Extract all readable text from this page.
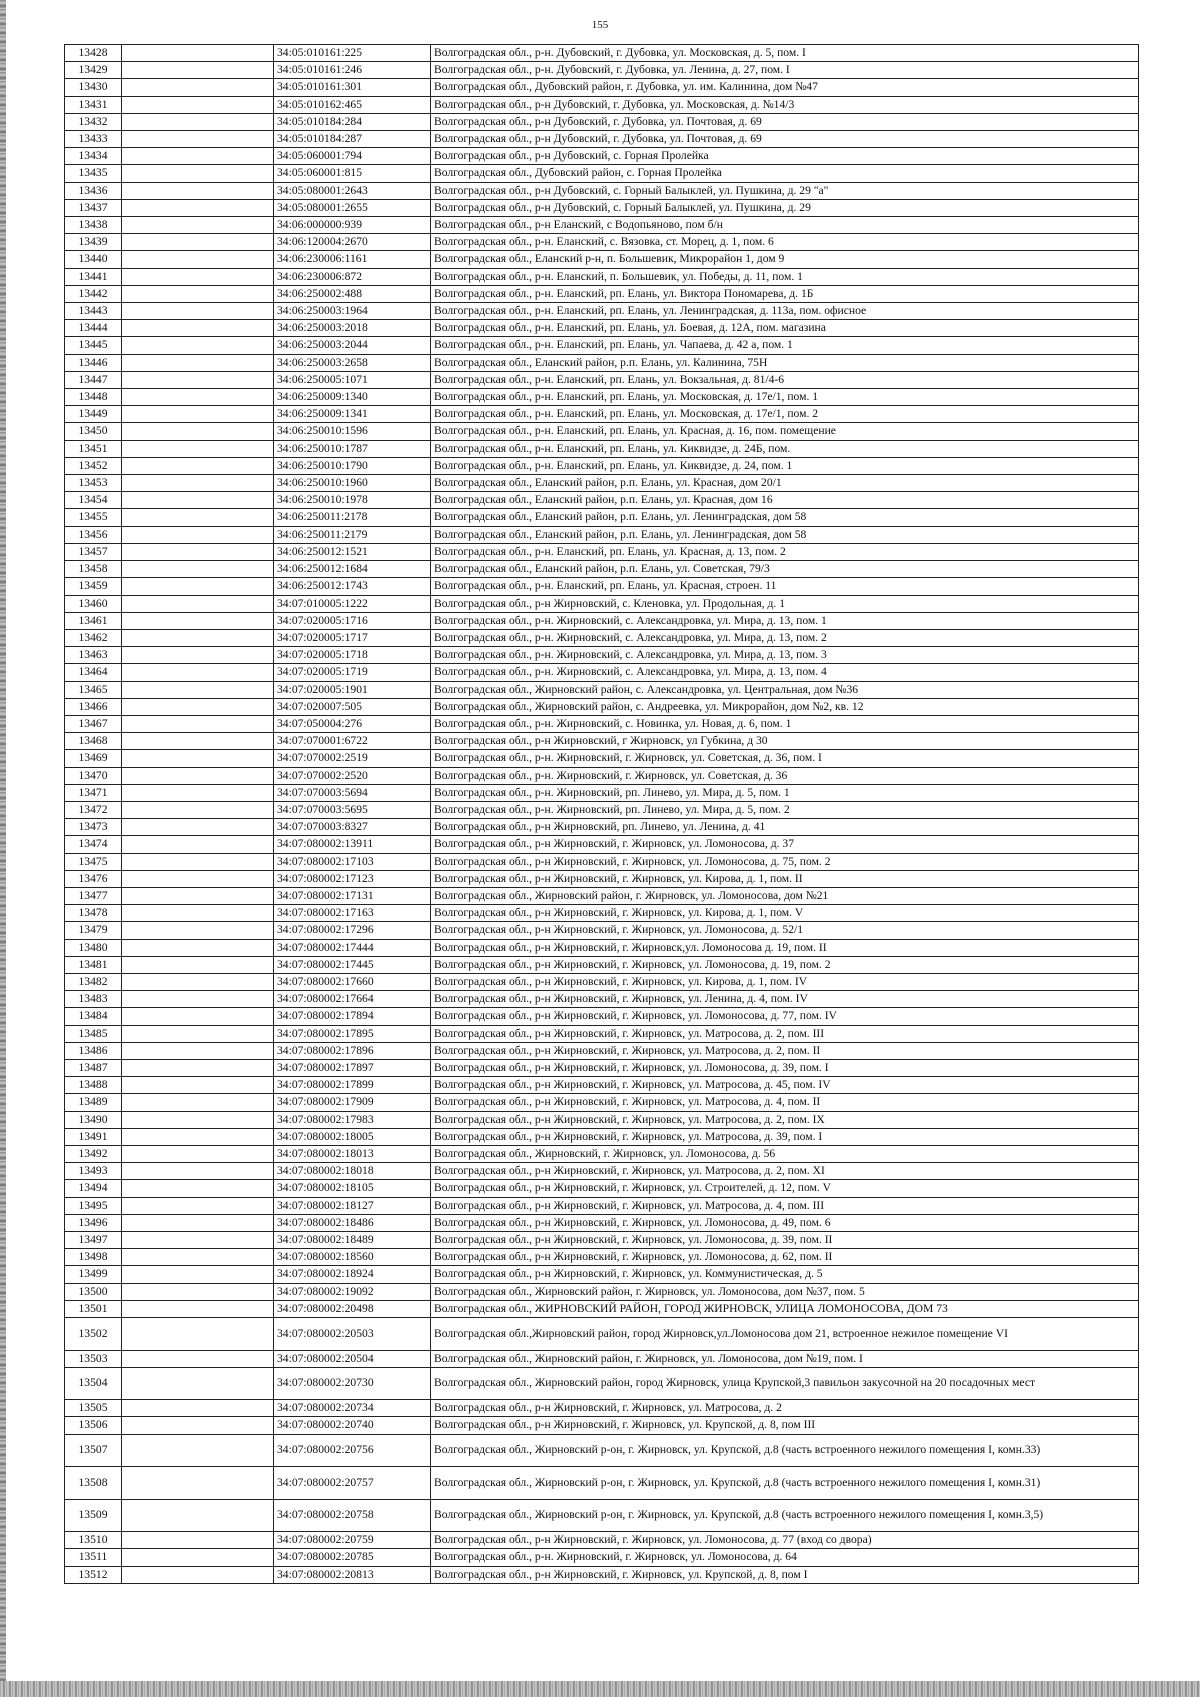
155
13428		34:05:010161:225	Волгоградская обл., р-н. Дубовский, г. Дубовка, ул. Московская, д. 5, пом. I
13429		34:05:010161:246	Волгоградская обл., р-н. Дубовский, г. Дубовка, ул. Ленина, д. 27, пом. I
13430		34:05:010161:301	Волгоградская обл., Дубовский район, г. Дубовка, ул. им. Калинина, дом №47
13431		34:05:010162:465	Волгоградская обл., р-н Дубовский, г. Дубовка, ул. Московская, д. №14/3
13432		34:05:010184:284	Волгоградская обл., р-н Дубовский, г. Дубовка, ул. Почтовая, д. 69
13433		34:05:010184:287	Волгоградская обл., р-н Дубовский, г. Дубовка, ул. Почтовая, д. 69
13434		34:05:060001:794	Волгоградская обл., р-н Дубовский, с. Горная Пролейка
13435		34:05:060001:815	Волгоградская обл., Дубовский район, с. Горная Пролейка
13436		34:05:080001:2643	Волгоградская обл., р-н Дубовский, с. Горный Балыклей, ул. Пушкина, д. 29 "а"
13437		34:05:080001:2655	Волгоградская обл., р-н Дубовский, с. Горный Балыклей, ул. Пушкина, д. 29
13438		34:06:000000:939	Волгоградская обл., р-н Еланский, с Водопьяново, пом б/н
13439		34:06:120004:2670	Волгоградская обл., р-н. Еланский, с. Вязовка, ст. Морец, д. 1, пом. 6
13440		34:06:230006:1161	Волгоградская обл., Еланский р-н, п. Большевик, Микрорайон 1, дом 9
13441		34:06:230006:872	Волгоградская обл., р-н. Еланский, п. Большевик, ул. Победы, д. 11, пом. 1
13442		34:06:250002:488	Волгоградская обл., р-н. Еланский, рп. Елань, ул. Виктора Пономарева, д. 1Б
13443		34:06:250003:1964	Волгоградская обл., р-н. Еланский, рп. Елань, ул. Ленинградская, д. 113а, пом. офисное
13444		34:06:250003:2018	Волгоградская обл., р-н. Еланский, рп. Елань, ул. Боевая, д. 12А, пом. магазина
13445		34:06:250003:2044	Волгоградская обл., р-н. Еланский, рп. Елань, ул. Чапаева, д. 42 а, пом. 1
13446		34:06:250003:2658	Волгоградская обл., Еланский район, р.п. Елань, ул. Калинина, 75Н
13447		34:06:250005:1071	Волгоградская обл., р-н. Еланский, рп. Елань, ул. Вокзальная, д. 81/4-6
13448		34:06:250009:1340	Волгоградская обл., р-н. Еланский, рп. Елань, ул. Московская, д. 17е/1, пом. 1
13449		34:06:250009:1341	Волгоградская обл., р-н. Еланский, рп. Елань, ул. Московская, д. 17е/1, пом. 2
13450		34:06:250010:1596	Волгоградская обл., р-н. Еланский, рп. Елань, ул. Красная, д. 16, пом. помещение
13451		34:06:250010:1787	Волгоградская обл., р-н. Еланский, рп. Елань, ул. Киквидзе, д. 24Б, пом.
13452		34:06:250010:1790	Волгоградская обл., р-н. Еланский, рп. Елань, ул. Киквидзе, д. 24, пом. 1
13453		34:06:250010:1960	Волгоградская обл., Еланский район, р.п. Елань, ул. Красная, дом 20/1
13454		34:06:250010:1978	Волгоградская обл., Еланский район, р.п. Елань, ул. Красная, дом 16
13455		34:06:250011:2178	Волгоградская обл., Еланский район, р.п. Елань, ул. Ленинградская, дом 58
13456		34:06:250011:2179	Волгоградская обл., Еланский район, р.п. Елань, ул. Ленинградская, дом 58
13457		34:06:250012:1521	Волгоградская обл., р-н. Еланский, рп. Елань, ул. Красная, д. 13, пом. 2
13458		34:06:250012:1684	Волгоградская обл., Еланский район, р.п. Елань, ул. Советская, 79/3
13459		34:06:250012:1743	Волгоградская обл., р-н. Еланский, рп. Елань, ул. Красная, строен. 11
13460		34:07:010005:1222	Волгоградская обл., р-н Жирновский, с. Кленовка, ул. Продольная, д. 1
13461		34:07:020005:1716	Волгоградская обл., р-н. Жирновский, с. Александровка, ул. Мира, д. 13, пом. 1
13462		34:07:020005:1717	Волгоградская обл., р-н. Жирновский, с. Александровка, ул. Мира, д. 13, пом. 2
13463		34:07:020005:1718	Волгоградская обл., р-н. Жирновский, с. Александровка, ул. Мира, д. 13, пом. 3
13464		34:07:020005:1719	Волгоградская обл., р-н. Жирновский, с. Александровка, ул. Мира, д. 13, пом. 4
13465		34:07:020005:1901	Волгоградская обл., Жирновский район, с. Александровка, ул. Центральная, дом №36
13466		34:07:020007:505	Волгоградская обл., Жирновский район, с. Андреевка, ул. Микрорайон, дом №2, кв. 12
13467		34:07:050004:276	Волгоградская обл., р-н. Жирновский, с. Новинка, ул. Новая, д. 6, пом. 1
13468		34:07:070001:6722	Волгоградская обл., р-н Жирновский, г Жирновск, ул Губкина, д 30
13469		34:07:070002:2519	Волгоградская обл., р-н. Жирновский, г. Жирновск, ул. Советская, д. 36, пом. I
13470		34:07:070002:2520	Волгоградская обл., р-н. Жирновский, г. Жирновск, ул. Советская, д. 36
13471		34:07:070003:5694	Волгоградская обл., р-н. Жирновский, рп. Линево, ул. Мира, д. 5, пом. 1
13472		34:07:070003:5695	Волгоградская обл., р-н. Жирновский, рп. Линево, ул. Мира, д. 5, пом. 2
13473		34:07:070003:8327	Волгоградская обл., р-н Жирновский, рп. Линево, ул. Ленина, д. 41
13474		34:07:080002:13911	Волгоградская обл., р-н Жирновский, г. Жирновск, ул. Ломоносова, д. 37
13475		34:07:080002:17103	Волгоградская обл., р-н Жирновский, г. Жирновск, ул. Ломоносова, д. 75, пом. 2
13476		34:07:080002:17123	Волгоградская обл., р-н Жирновский, г. Жирновск, ул. Кирова, д. 1, пом. II
13477		34:07:080002:17131	Волгоградская обл., Жирновский район, г. Жирновск, ул. Ломоносова, дом №21
13478		34:07:080002:17163	Волгоградская обл., р-н Жирновский, г. Жирновск, ул. Кирова, д. 1, пом. V
13479		34:07:080002:17296	Волгоградская обл., р-н Жирновский, г. Жирновск, ул. Ломоносова, д. 52/1
13480		34:07:080002:17444	Волгоградская обл., р-н Жирновский, г. Жирновск,ул. Ломоносова д. 19, пом. II
13481		34:07:080002:17445	Волгоградская обл., р-н Жирновский, г. Жирновск, ул. Ломоносова, д. 19, пом. 2
13482		34:07:080002:17660	Волгоградская обл., р-н Жирновский, г. Жирновск, ул. Кирова, д. 1, пом. IV
13483		34:07:080002:17664	Волгоградская обл., р-н Жирновский, г. Жирновск, ул. Ленина, д. 4, пом. IV
13484		34:07:080002:17894	Волгоградская обл., р-н Жирновский, г. Жирновск, ул. Ломоносова, д. 77, пом. IV
13485		34:07:080002:17895	Волгоградская обл., р-н Жирновский, г. Жирновск, ул. Матросова, д. 2, пом. III
13486		34:07:080002:17896	Волгоградская обл., р-н Жирновский, г. Жирновск, ул. Матросова, д. 2, пом. II
13487		34:07:080002:17897	Волгоградская обл., р-н Жирновский, г. Жирновск, ул. Ломоносова, д. 39, пом. I
13488		34:07:080002:17899	Волгоградская обл., р-н Жирновский, г. Жирновск, ул. Матросова, д. 45, пом. IV
13489		34:07:080002:17909	Волгоградская обл., р-н Жирновский, г. Жирновск, ул. Матросова, д. 4, пом. II
13490		34:07:080002:17983	Волгоградская обл., р-н Жирновский, г. Жирновск, ул. Матросова, д. 2, пом. IX
13491		34:07:080002:18005	Волгоградская обл., р-н Жирновский, г. Жирновск, ул. Матросова, д. 39, пом. I
13492		34:07:080002:18013	Волгоградская обл., Жирновский, г. Жирновск, ул. Ломоносова, д. 56
13493		34:07:080002:18018	Волгоградская обл., р-н Жирновский, г. Жирновск, ул. Матросова, д. 2, пом. XI
13494		34:07:080002:18105	Волгоградская обл., р-н Жирновский, г. Жирновск, ул. Строителей, д. 12, пом. V
13495		34:07:080002:18127	Волгоградская обл., р-н Жирновский, г. Жирновск, ул. Матросова, д. 4, пом. III
13496		34:07:080002:18486	Волгоградская обл., р-н Жирновский, г. Жирновск, ул. Ломоносова, д. 49, пом. 6
13497		34:07:080002:18489	Волгоградская обл., р-н Жирновский, г. Жирновск, ул. Ломоносова, д. 39, пом. II
13498		34:07:080002:18560	Волгоградская обл., р-н Жирновский, г. Жирновск, ул. Ломоносова, д. 62, пом. II
13499		34:07:080002:18924	Волгоградская обл., р-н Жирновский, г. Жирновск, ул. Коммунистическая, д. 5
13500		34:07:080002:19092	Волгоградская обл., Жирновский район, г. Жирновск, ул. Ломоносова, дом №37, пом. 5
13501		34:07:080002:20498	Волгоградская обл., ЖИРНОВСКИЙ РАЙОН, ГОРОД ЖИРНОВСК, УЛИЦА ЛОМОНОСОВА, ДОМ 73
13502		34:07:080002:20503	Волгоградская обл.,Жирновский район, город Жирновск,ул.Ломоносова дом 21, встроенное нежилое помещение VI
13503		34:07:080002:20504	Волгоградская обл., Жирновский район, г. Жирновск, ул. Ломоносова, дом №19, пом. I
13504		34:07:080002:20730	Волгоградская обл., Жирновский район, город Жирновск, улица Крупской,3 павильон закусочной на 20 посадочных мест
13505		34:07:080002:20734	Волгоградская обл., р-н Жирновский, г. Жирновск, ул. Матросова, д. 2
13506		34:07:080002:20740	Волгоградская обл., р-н Жирновский, г. Жирновск, ул. Крупской, д. 8, пом III
13507		34:07:080002:20756	Волгоградская обл., Жирновский р-он, г. Жирновск, ул. Крупской, д.8 (часть встроенного нежилого помещения I, комн.33)
13508		34:07:080002:20757	Волгоградская обл., Жирновский р-он, г. Жирновск, ул. Крупской, д.8 (часть встроенного нежилого помещения I, комн.31)
13509		34:07:080002:20758	Волгоградская обл., Жирновский р-он, г. Жирновск, ул. Крупской, д.8 (часть встроенного нежилого помещения I, комн.3,5)
13510		34:07:080002:20759	Волгоградская обл., р-н Жирновский, г. Жирновск, ул. Ломоносова, д. 77 (вход со двора)
13511		34:07:080002:20785	Волгоградская обл., р-н. Жирновский, г. Жирновск, ул. Ломоносова, д. 64
13512		34:07:080002:20813	Волгоградская обл., р-н Жирновский, г. Жирновск, ул. Крупской, д. 8, пом I
